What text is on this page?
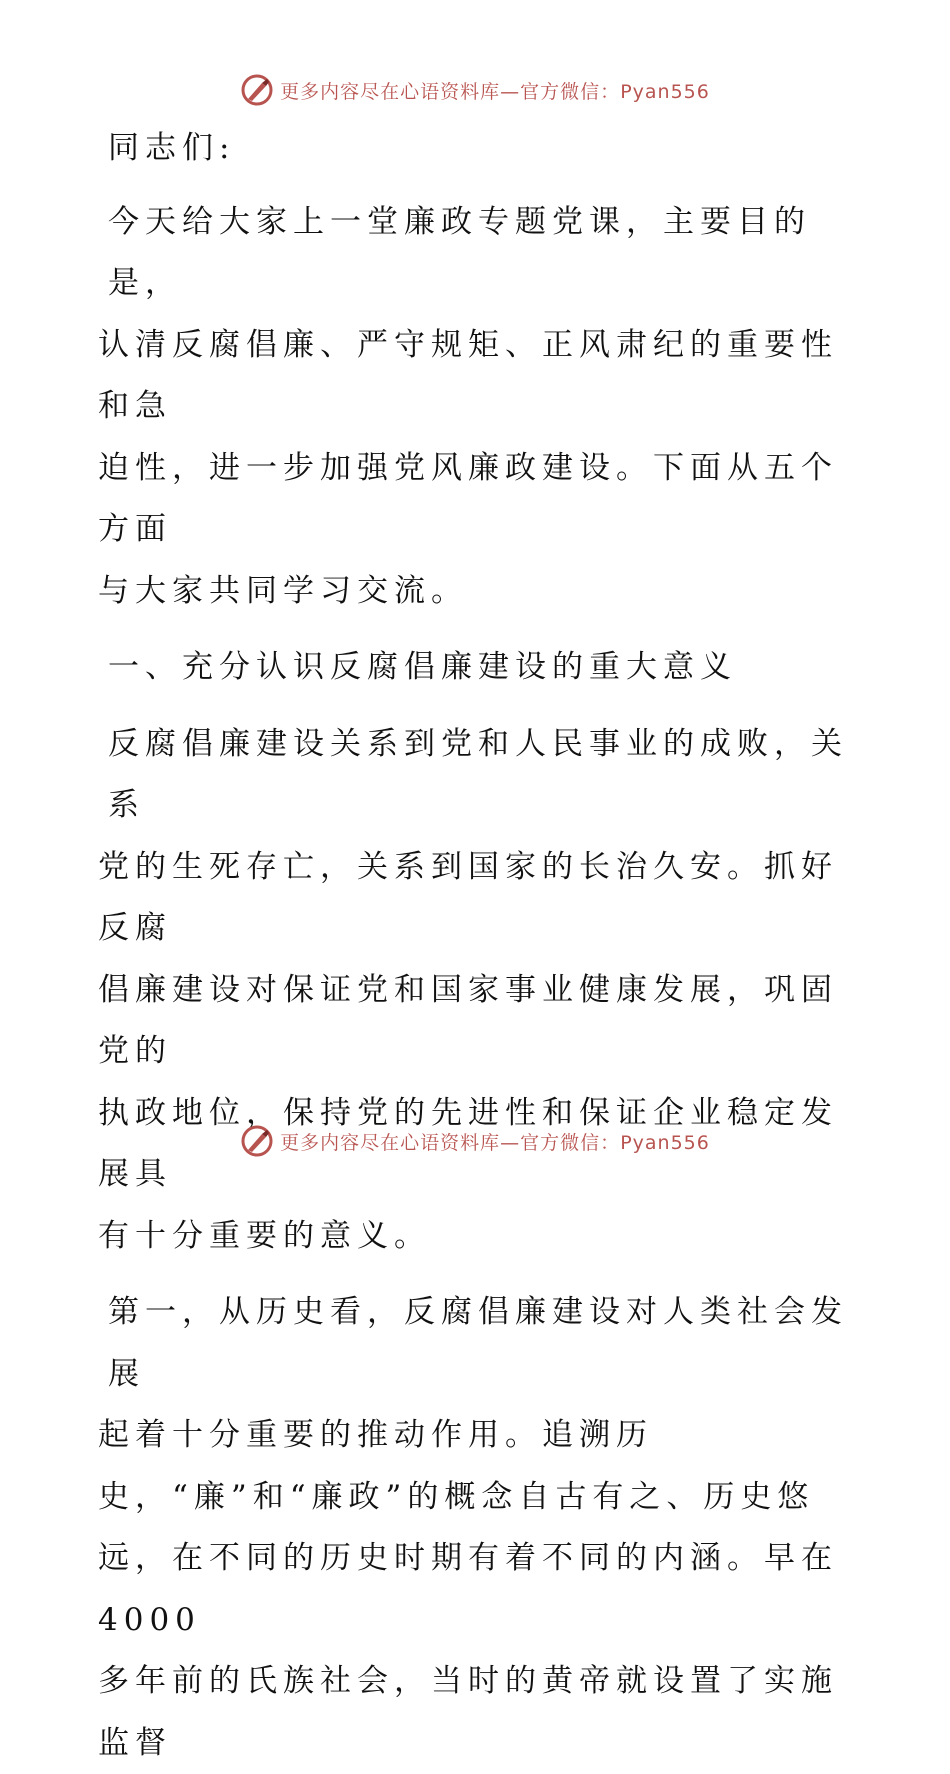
更多内容尽在心语资料库—官方微信：Pyan556

同志们:

今天给大家上一堂廉政专题党课，主要目的是，

认清反腐倡廉、严守规矩、正风肃纪的重要性和急

迫性，进一步加强党风廉政建设。下面从五个方面

与大家共同学习交流。

一、充分认识反腐倡廉建设的重大意义

反腐倡廉建设关系到党和人民事业的成败，关系

党的生死存亡，关系到国家的长治久安。抓好反腐

倡廉建设对保证党和国家事业健康发展，巩固党的

执政地位，保持党的先进性和保证企业稳定发展具

有十分重要的意义。

第一，从历史看，反腐倡廉建设对人类社会发展

起着十分重要的推动作用。追溯历

史，“廉”和“廉政”的概念自古有之、历史悠

远，在不同的历史时期有着不同的内涵。早在4000

多年前的氏族社会，当时的黄帝就设置了实施监督

更多内容尽在心语资料库—官方微信：Pyan556
